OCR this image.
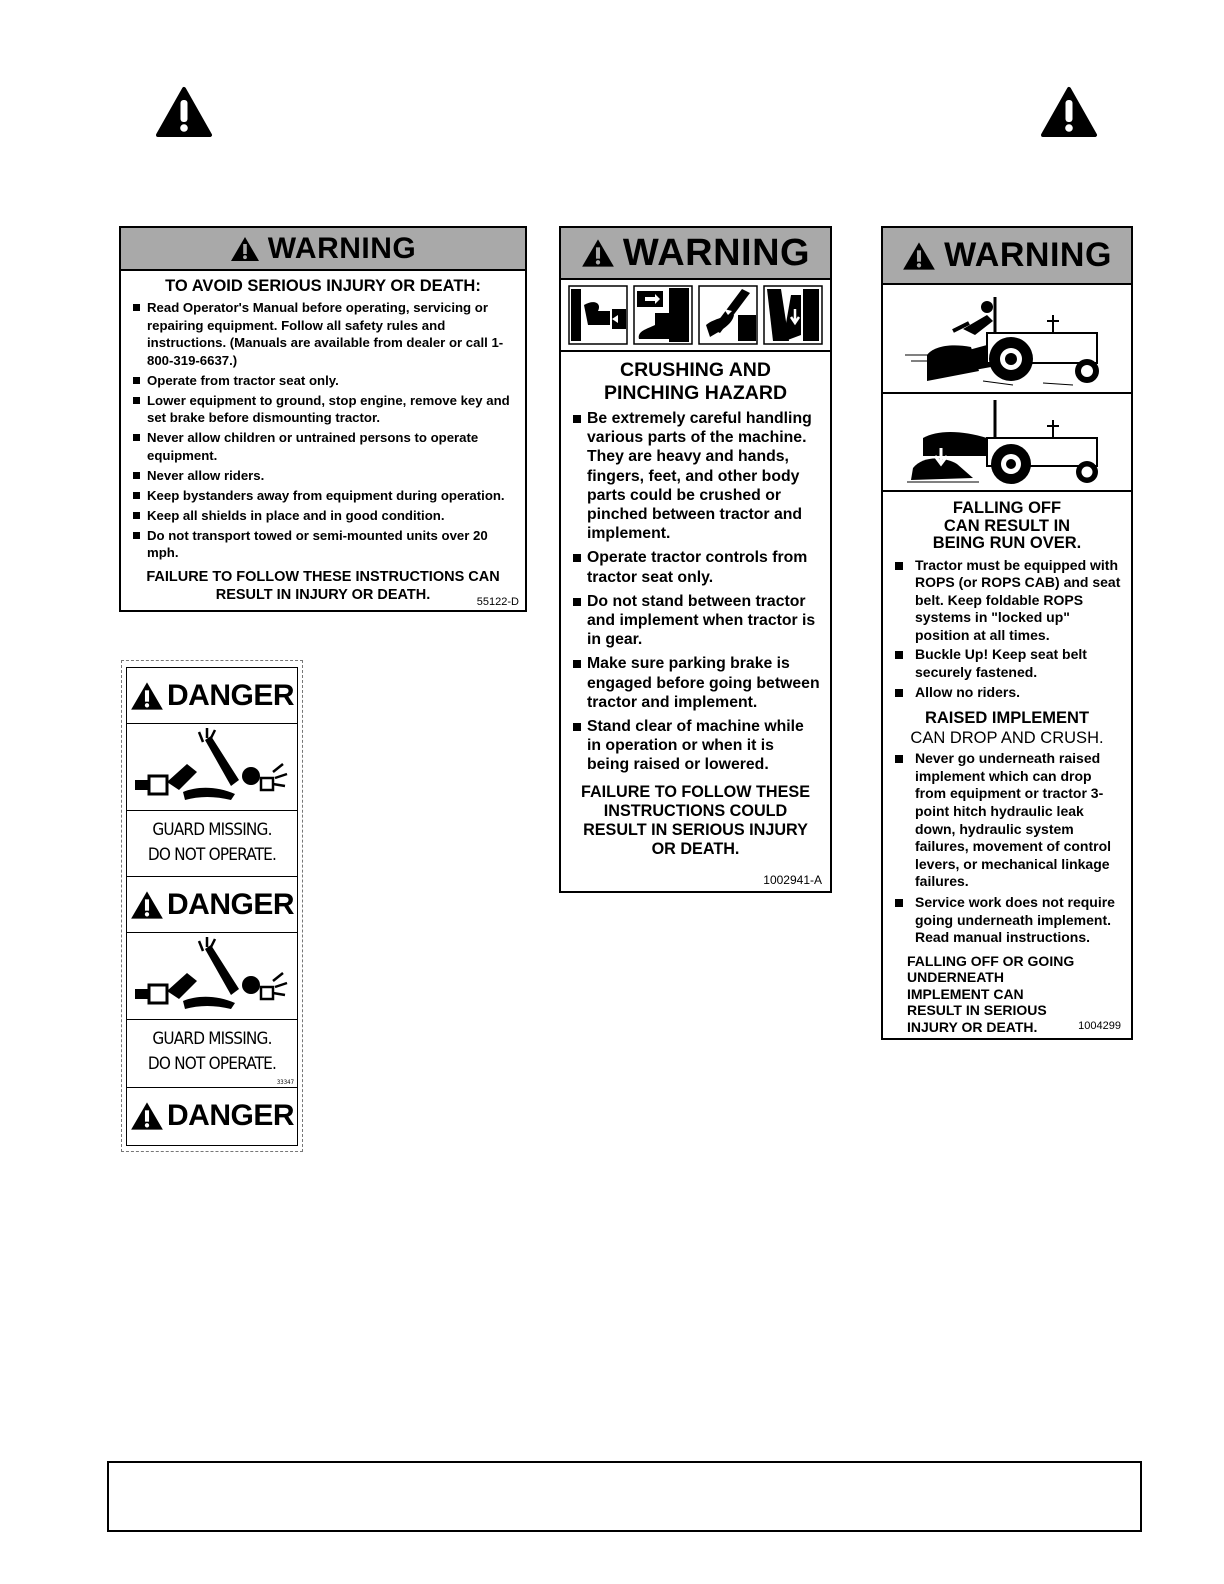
WARNING
TO AVOID SERIOUS INJURY OR DEATH:
Read Operator's Manual before operating, servicing or repairing equipment. Follow all safety rules and instructions. (Manuals are available from dealer or call 1-800-319-6637.)
Operate from tractor seat only.
Lower equipment to ground, stop engine, remove key and set brake before dismounting tractor.
Never allow children or untrained persons to operate equipment.
Never allow riders.
Keep bystanders away from equipment during operation.
Keep all shields in place and in good condition.
Do not transport towed or semi-mounted units over 20 mph.
FAILURE TO FOLLOW THESE INSTRUCTIONS CAN RESULT IN INJURY OR DEATH.	55122-D
WARNING
CRUSHING AND
PINCHING HAZARD
Be extremely careful handling various parts of the machine. They are heavy and hands, fingers, feet, and other body parts could be crushed or pinched between tractor and implement.
Operate tractor controls from tractor seat only.
Do not stand between tractor and implement when tractor is in gear.
Make sure parking brake is engaged before going between tractor and implement.
Stand clear of machine while in operation or when it is being raised or lowered.
FAILURE TO FOLLOW THESE INSTRUCTIONS COULD RESULT IN SERIOUS INJURY OR DEATH.
1002941-A
WARNING
FALLING OFF
CAN RESULT IN
BEING RUN OVER.
Tractor must be equipped with ROPS (or ROPS CAB) and seat belt. Keep foldable ROPS systems in "locked up" position at all times.
Buckle Up! Keep seat belt securely fastened.
Allow no riders.
RAISED IMPLEMENT
CAN DROP AND CRUSH.
Never go underneath raised implement which can drop from equipment or tractor 3-point hitch hydraulic leak down, hydraulic system failures, movement of control levers, or mechanical linkage failures.
Service work does not require going underneath implement. Read manual instructions.
FALLING OFF OR GOING UNDERNEATH IMPLEMENT CAN RESULT IN SERIOUS INJURY OR DEATH.	1004299
DANGER
GUARD MISSING.
DO NOT OPERATE.
DANGER
GUARD MISSING.
DO NOT OPERATE.
33347
DANGER
